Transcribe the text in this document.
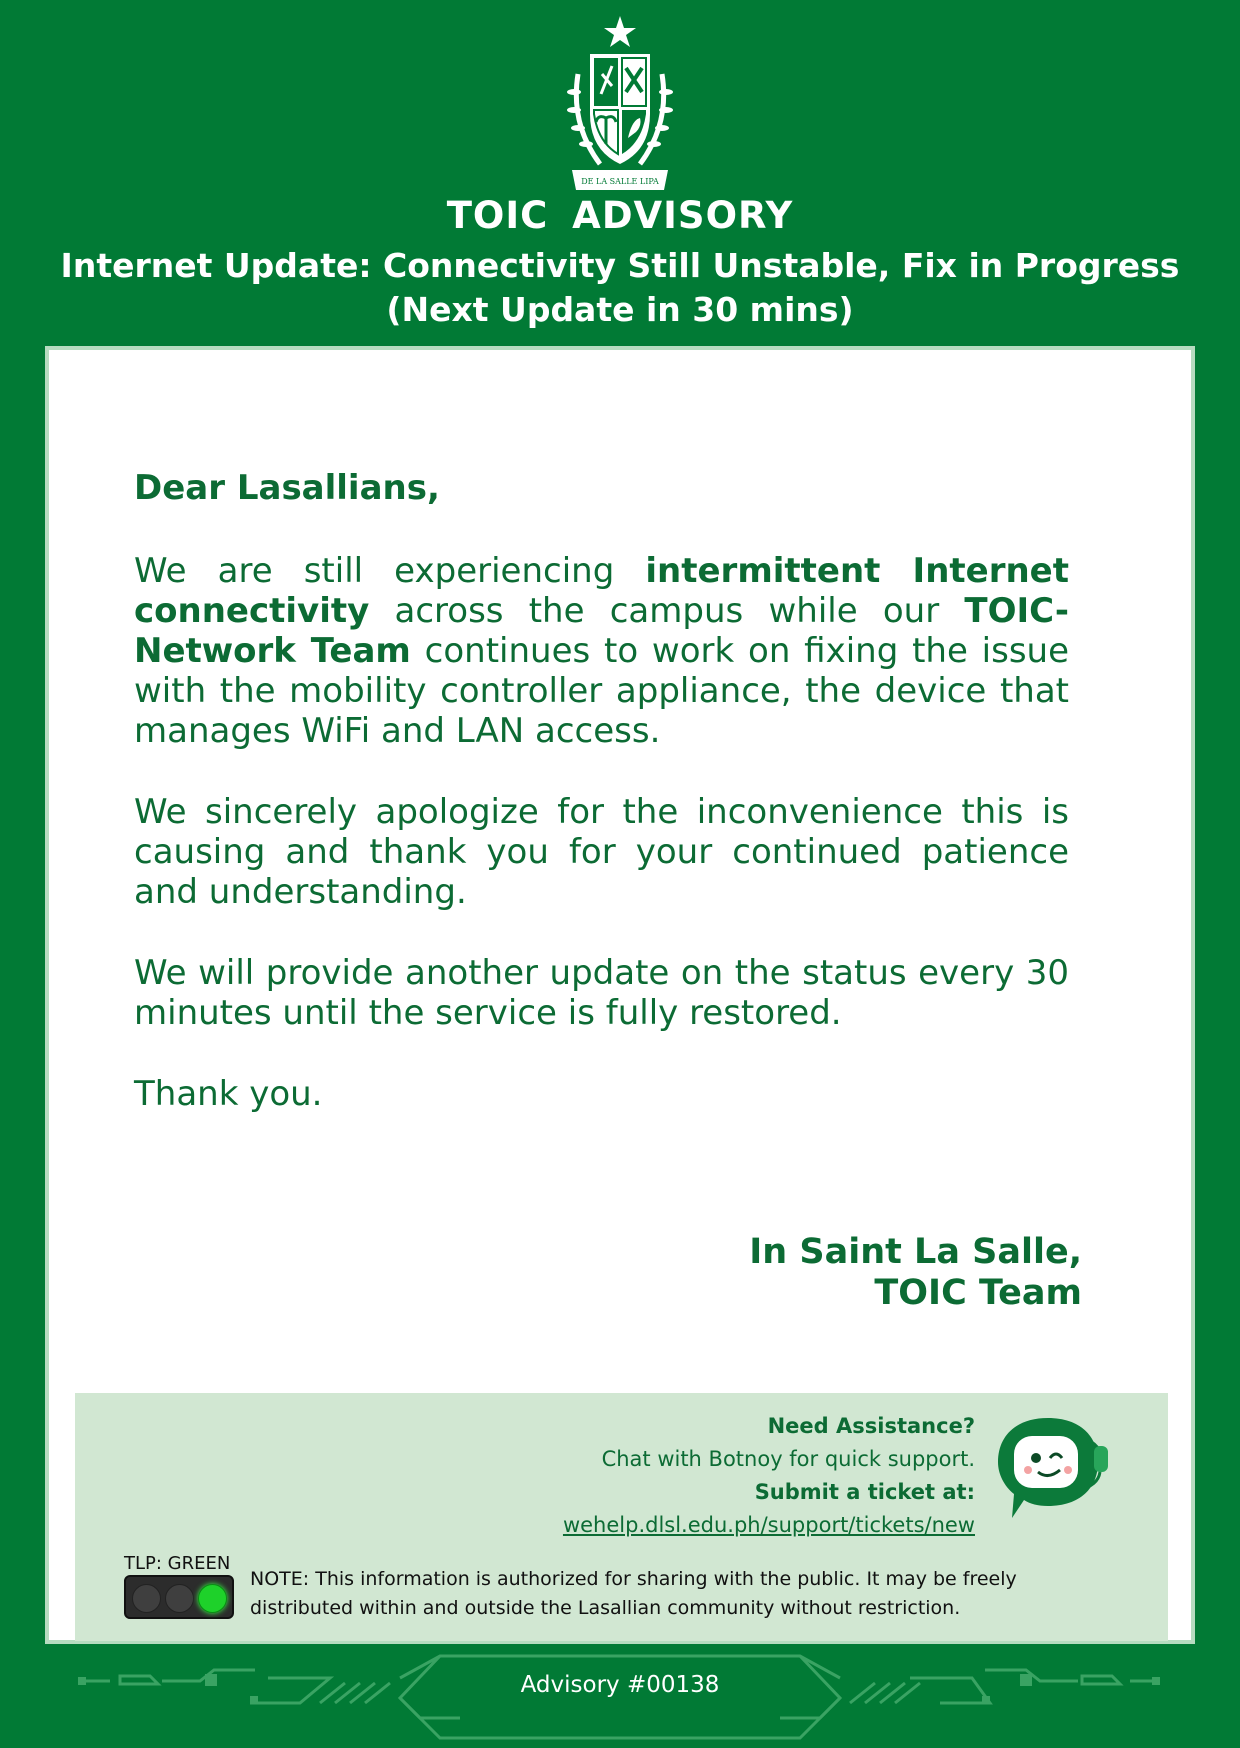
DE LA SALLE LIPA
TOIC ADVISORY
Internet Update: Connectivity Still Unstable, Fix in Progress
(Next Update in 30 mins)

Dear Lasallians,

We are still experiencing intermittent Internet connectivity across the campus while our TOIC-Network Team continues to work on fixing the issue with the mobility controller appliance, the device that manages WiFi and LAN access.

We sincerely apologize for the inconvenience this is causing and thank you for your continued patience and understanding.

We will provide another update on the status every 30 minutes until the service is fully restored.

Thank you.

In Saint La Salle,
TOIC Team
Need Assistance?
Chat with Botnoy for quick support.
Submit a ticket at:
wehelp.dlsl.edu.ph/support/tickets/new
TLP: GREEN
NOTE: This information is authorized for sharing with the public. It may be freely distributed within and outside the Lasallian community without restriction.
Advisory #00138
